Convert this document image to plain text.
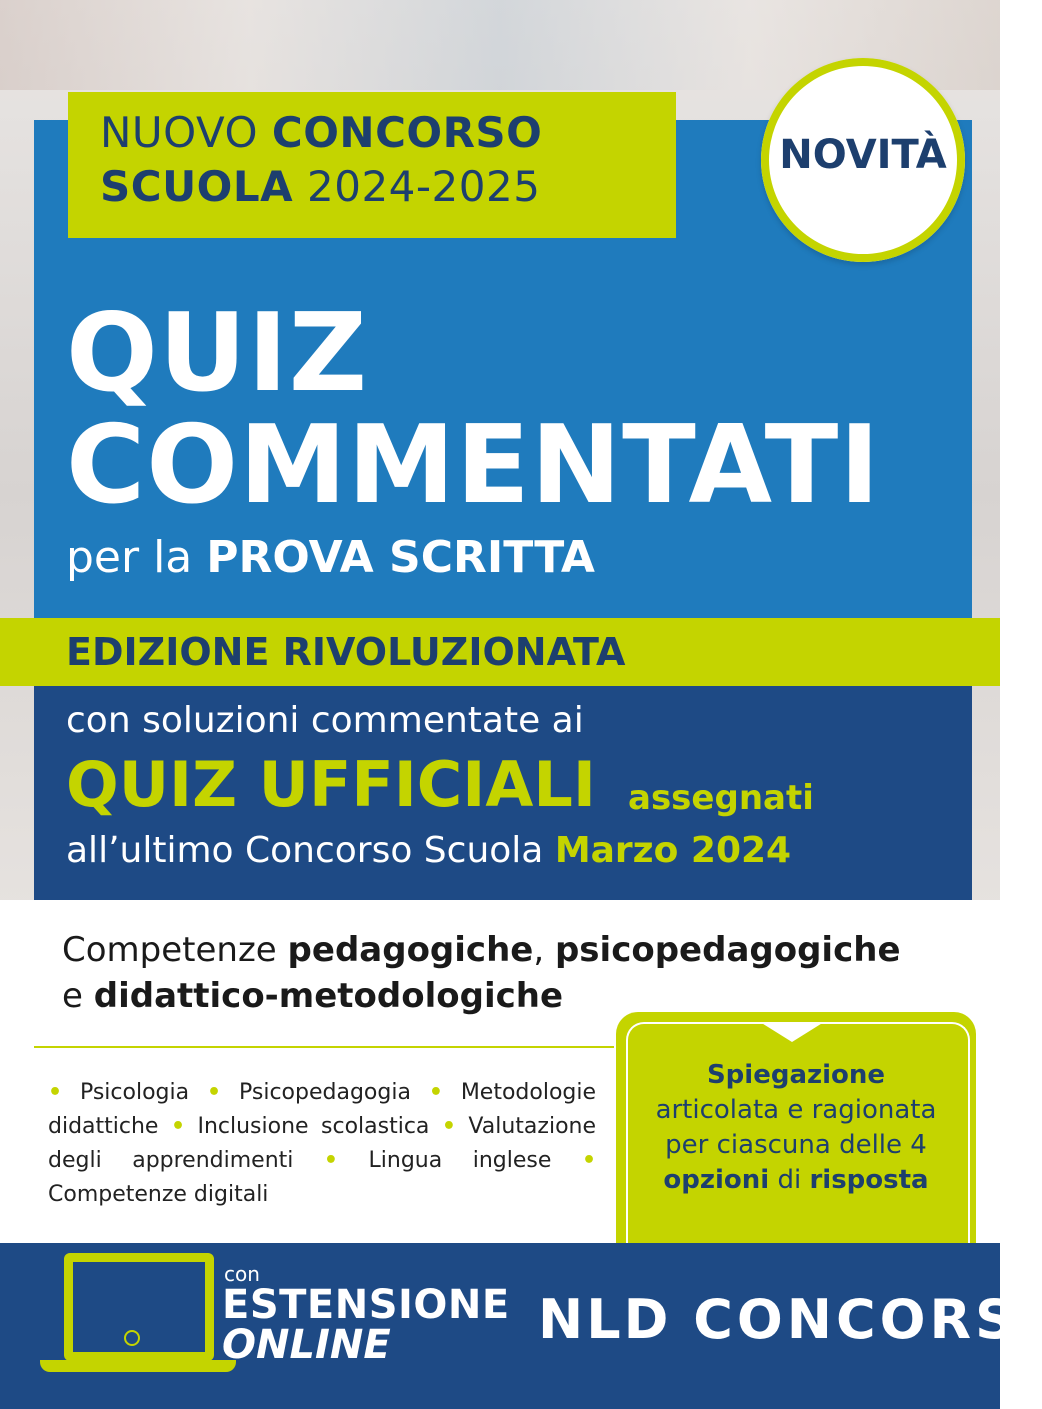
NUOVO CONCORSO
SCUOLA 2024-2025
NOVITÀ
QUIZ
COMMENTATI
per la PROVA SCRITTA
EDIZIONE RIVOLUZIONATA
con soluzioni commentate ai
QUIZ UFFICIALI assegnati
all’ultimo Concorso Scuola Marzo 2024
Competenze pedagogiche, psicopedagogiche
e didattico-metodologiche
• Psicologia • Psicopedagogia • Metodologie didattiche • Inclusione scolastica • Valutazione degli apprendimenti • Lingua inglese • Competenze digitali
Spiegazione
articolata e ragionata
per ciascuna delle 4
opzioni di risposta
con
ESTENSIONE
ONLINE	NLD CONCORSI
